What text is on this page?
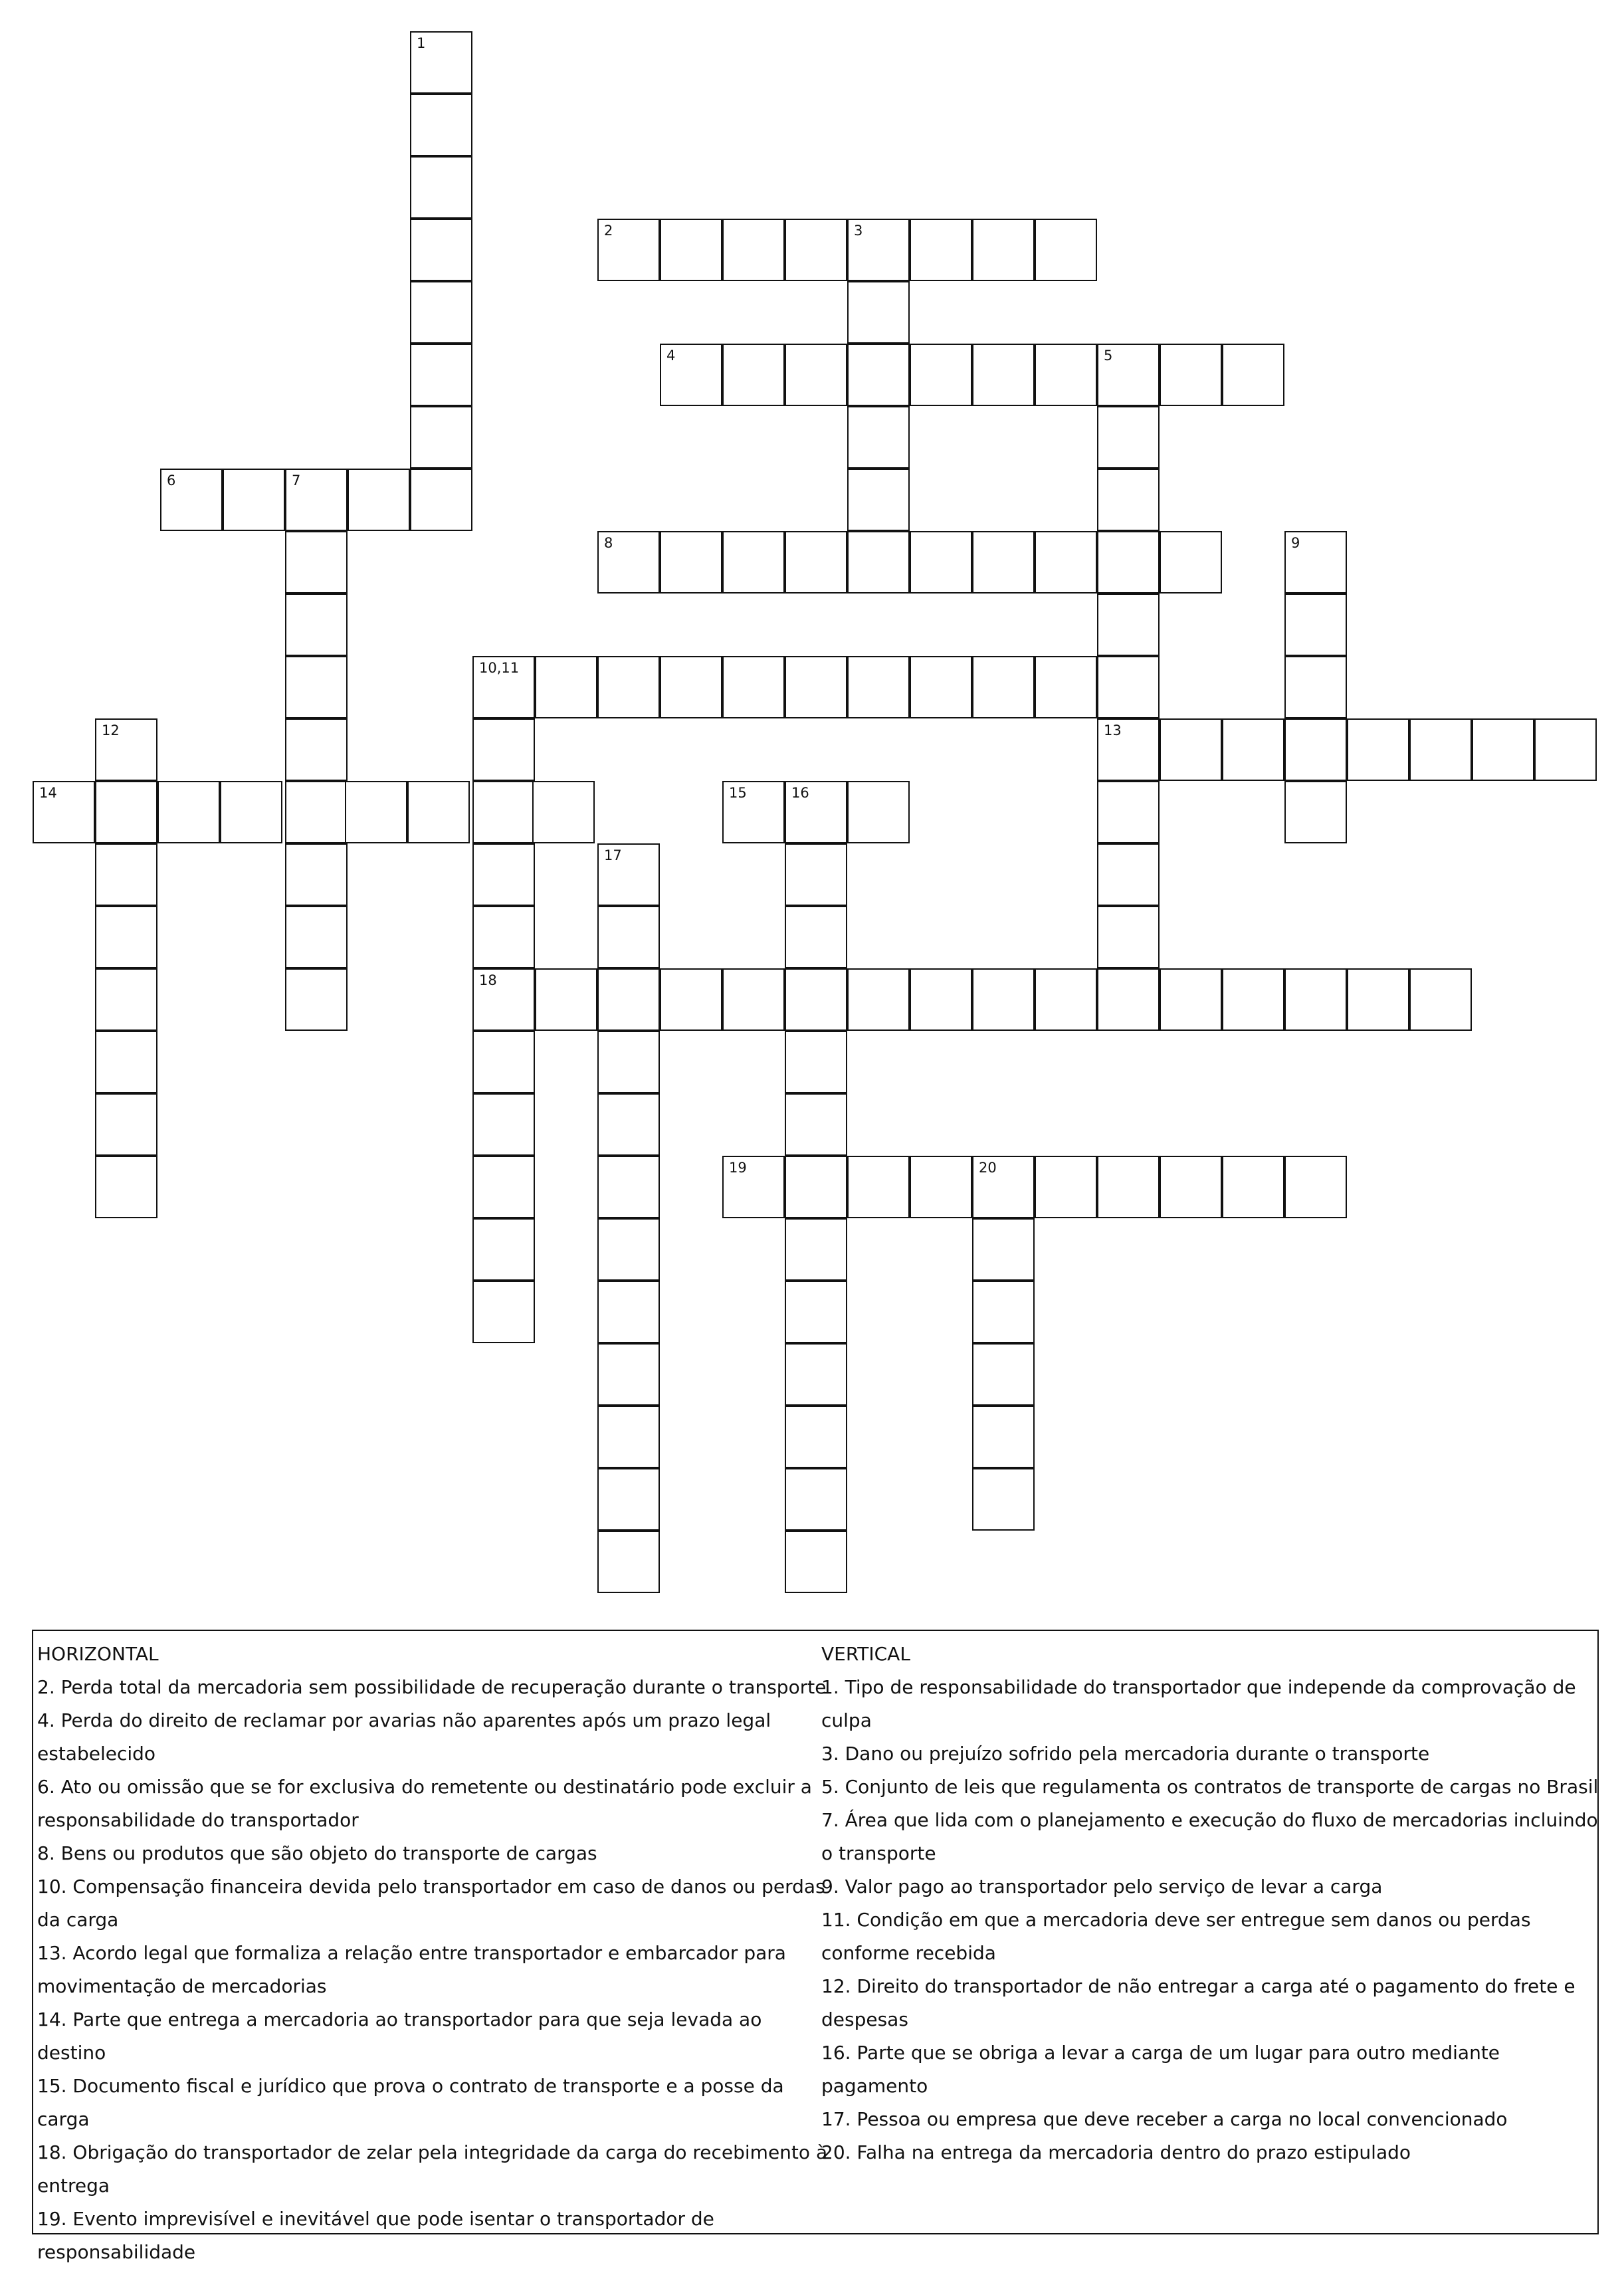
1
2	3
4	5
6	7
8	9
10,11
12	13
14	15	16
17
18
19	20
HORIZONTAL

2. Perda total da mercadoria sem possibilidade de recuperação durante o transporte

4. Perda do direito de reclamar por avarias não aparentes após um prazo legal estabelecido

6. Ato ou omissão que se for exclusiva do remetente ou destinatário pode excluir a responsabilidade do transportador

8. Bens ou produtos que são objeto do transporte de cargas

10. Compensação financeira devida pelo transportador em caso de danos ou perdas da carga

13. Acordo legal que formaliza a relação entre transportador e embarcador para movimentação de mercadorias

14. Parte que entrega a mercadoria ao transportador para que seja levada ao destino

15. Documento fiscal e jurídico que prova o contrato de transporte e a posse da carga

18. Obrigação do transportador de zelar pela integridade da carga do recebimento à entrega

19. Evento imprevisível e inevitável que pode isentar o transportador de responsabilidade

VERTICAL

1. Tipo de responsabilidade do transportador que independe da comprovação de culpa

3. Dano ou prejuízo sofrido pela mercadoria durante o transporte

5. Conjunto de leis que regulamenta os contratos de transporte de cargas no Brasil

7. Área que lida com o planejamento e execução do fluxo de mercadorias incluindo o transporte

9. Valor pago ao transportador pelo serviço de levar a carga

11. Condição em que a mercadoria deve ser entregue sem danos ou perdas conforme recebida

12. Direito do transportador de não entregar a carga até o pagamento do frete e despesas

16. Parte que se obriga a levar a carga de um lugar para outro mediante pagamento

17. Pessoa ou empresa que deve receber a carga no local convencionado

20. Falha na entrega da mercadoria dentro do prazo estipulado
